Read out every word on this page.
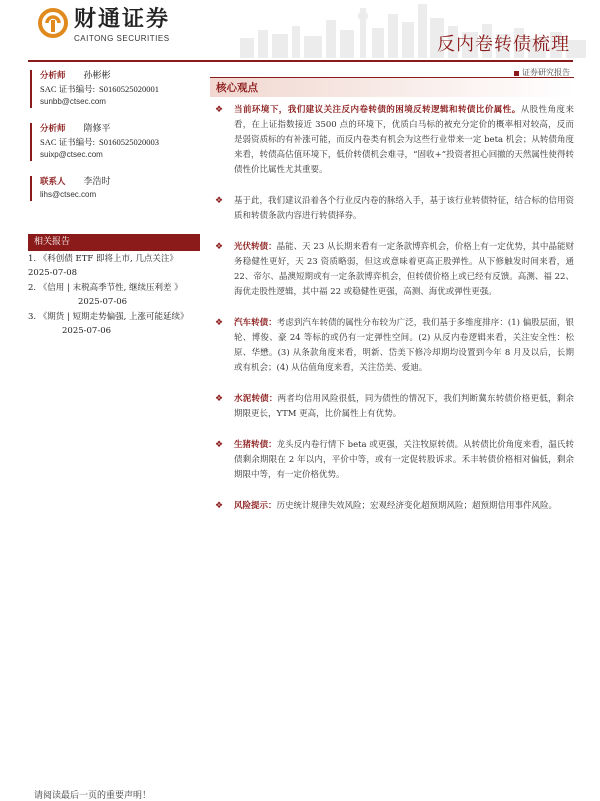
财通证券
CAITONG SECURITIES	反内卷转债梳理
证券研究报告
分析师 孙彬彬
SAC 证书编号: S0160525020001
sunbb@ctsec.com
分析师 隋修平
SAC 证书编号: S0160525020003
suixp@ctsec.com
联系人 李浩时
lihs@ctsec.com
相关报告
1. 《科创债 ETF 即将上市, 几点关注》
2025-07-08
2. 《信用 | 末税高季节性, 继续压利差 》
2025-07-06
3. 《期货 | 短期走势偏强, 上涨可能延续》
2025-07-06
核心观点
❖ 当前环境下，我们建议关注反内卷转债的困境反转逻辑和转债比价属性。从股性角度来看，在上证指数接近 3500 点的环境下，优质白马标的被充分定价的概率相对较高，反而是弱资质标的有补涨可能，而反内卷类有机会为这些行业带来一定 beta 机会；从转债角度来看，转债高估值环境下，低价转债机会难寻，“固收+”投资者担心回撤的天然属性使得转债性价比属性尤其重要。
❖ 基于此，我们建议沿着各个行业反内卷的脉络入手，基于该行业转债特征，结合标的信用资质和转债条款内容进行转债择券。
❖ 光伏转债：晶能、天 23 从长期来看有一定条款博弈机会，价格上有一定优势，其中晶能财务稳健性更好，天 23 资质略弱，但这或意味着更高正股弹性。从下修触发时间来看，通 22、帝尔、晶澳短期或有一定条款博弈机会，但转债价格上或已经有反馈。高测、福 22、海优走股性逻辑，其中福 22 或稳健性更强，高测、海优或弹性更强。
❖ 汽车转债：考虑到汽车转债的属性分布较为广泛，我们基于多维度排序：(1) 偏股层面，银轮、博俊、豪 24 等标的或仍有一定弹性空间。(2) 从反内卷逻辑来看，关注安全性：松原、华懋。(3) 从条款角度来看，明新、岱美下修冷却期均设置到今年 8 月及以后，长期或有机会；(4) 从估值角度来看，关注岱美、爱迪。
❖ 水泥转债：两者均信用风险很低，同为债性的情况下，我们判断冀东转债价格更低，剩余期限更长，YTM 更高，比价属性上有优势。
❖ 生猪转债：龙头反内卷行情下 beta 或更强，关注牧原转债。从转债比价角度来看，温氏转债剩余期限在 2 年以内，平价中等，或有一定促转股诉求。禾丰转债价格相对偏低，剩余期限中等，有一定价格优势。
❖ 风险提示：历史统计规律失效风险；宏观经济变化超预期风险；超预期信用事件风险。
请阅读最后一页的重要声明！
